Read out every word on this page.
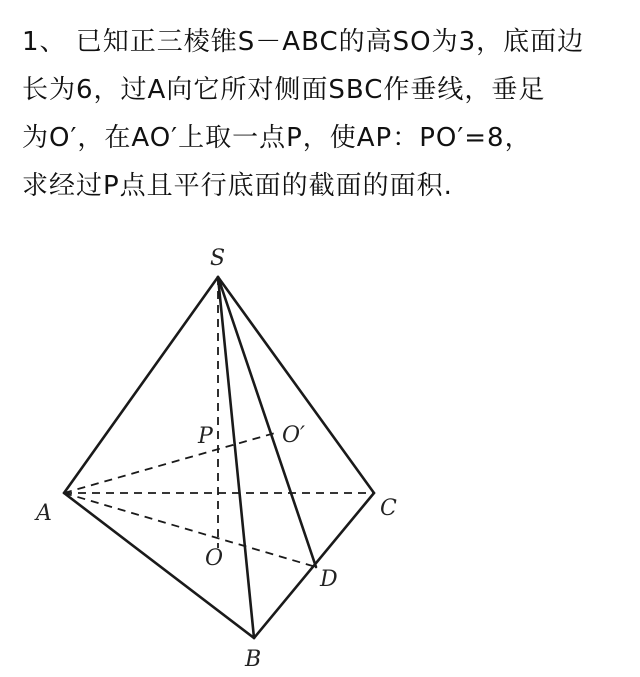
1、 已知正三棱锥S－ABC的高SO为3，底面边
长为6，过A向它所对侧面SBC作垂线，垂足
为O′，在AO′上取一点P，使AP：PO′=8，
求经过P点且平行底面的截面的面积.
S
A
B
C
O
D
P	O′
